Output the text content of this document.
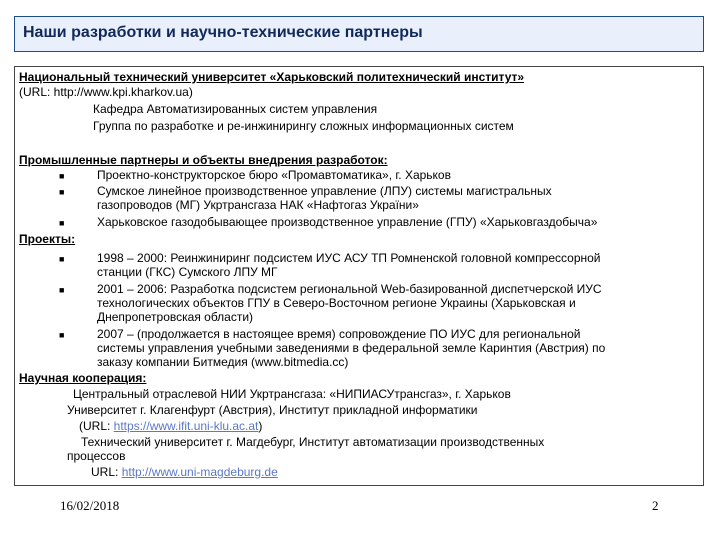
Наши разработки и научно-технические партнеры
Национальный технический университет «Харьковский политехнический институт»
(URL: http://www.kpi.kharkov.ua)
Кафедра Автоматизированных систем управления
Группа по разработке и ре-инжинирингу сложных информационных систем
Промышленные партнеры и объекты внедрения разработок:
■	Проектно-конструкторское бюро «Промавтоматика», г. Харьков
■	Сумское линейное производственное управление (ЛПУ) системы магистральных
газопроводов (МГ) Укртрансгаза НАК «Нафтогаз України»
■	Харьковское газодобывающее производственное управление (ГПУ) «Харьковгаздобыча»
Проекты:
■	1998 – 2000: Реинжиниринг подсистем ИУС АСУ ТП Ромненской головной компрессорной
станции (ГКС) Сумского ЛПУ МГ
■	2001 – 2006: Разработка подсистем региональной Web-базированной диспетчерской ИУС
технологических объектов ГПУ в Северо-Восточном регионе Украины (Харьковская и
Днепропетровская области)
■	2007 – (продолжается в настоящее время) сопровождение ПО ИУС для региональной
системы управления учебными заведениями в федеральной земле Каринтия (Австрия) по
заказу компании Битмедия (www.bitmedia.cc)
Научная кооперация:
Центральный отраслевой НИИ Укртрансгаза: «НИПИАСУтрансгаз», г. Харьков
Университет г. Клагенфурт (Австрия), Институт прикладной информатики
(URL: https://www.ifit.uni-klu.ac.at)
Технический университет г. Магдебург, Институт автоматизации производственных
процессов
URL: http://www.uni-magdeburg.de
16/02/2018	2
